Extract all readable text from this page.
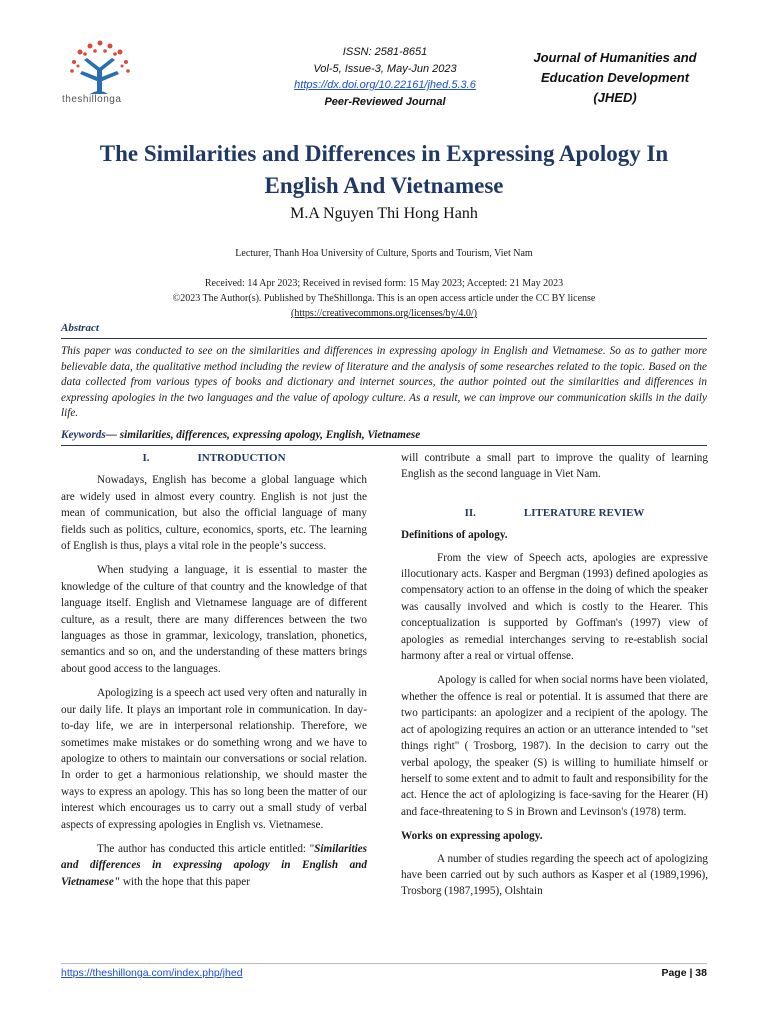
theshillonga
ISSN: 2581-8651
Vol-5, Issue-3, May-Jun 2023
https://dx.doi.org/10.22161/jhed.5.3.6
Peer-Reviewed Journal
Journal of Humanities and
Education Development
(JHED)
The Similarities and Differences in Expressing Apology In
English And Vietnamese
M.A Nguyen Thi Hong Hanh
Lecturer, Thanh Hoa University of Culture, Sports and Tourism, Viet Nam
Received: 14 Apr 2023; Received in revised form: 15 May 2023; Accepted: 21 May 2023
©2023 The Author(s). Published by TheShillonga. This is an open access article under the CC BY license
(https://creativecommons.org/licenses/by/4.0/)
Abstract
This paper was conducted to see on the similarities and differences in expressing apology in English and Vietnamese. So as to gather more believable data, the qualitative method including the review of literature and the analysis of some researches related to the topic. Based on the data collected from various types of books and dictionary and internet sources, the author pointed out the similarities and differences in expressing apologies in the two languages and the value of apology culture. As a result, we can improve our communication skills in the daily life.
Keywords— similarities, differences, expressing apology, English, Vietnamese
I.	INTRODUCTION

Nowadays, English has become a global language which are widely used in almost every country. English is not just the mean of communication, but also the official language of many fields such as politics, culture, economics, sports, etc. The learning of English is thus, plays a vital role in the people’s success.

When studying a language, it is essential to master the knowledge of the culture of that country and the knowledge of that language itself. English and Vietnamese language are of different culture, as a result, there are many differences between the two languages as those in grammar, lexicology, translation, phonetics, semantics and so on, and the understanding of these matters brings about good access to the languages.

Apologizing is a speech act used very often and naturally in our daily life. It plays an important role in communication. In day-to-day life, we are in interpersonal relationship. Therefore, we sometimes make mistakes or do something wrong and we have to apologize to others to maintain our conversations or social relation. In order to get a harmonious relationship, we should master the ways to express an apology. This has so long been the matter of our interest which encourages us to carry out a small study of verbal aspects of expressing apologies in English vs. Vietnamese.

The author has conducted this article entitled: "Similarities and differences in expressing apology in English and Vietnamese" with the hope that this paper

will contribute a small part to improve the quality of learning English as the second language in Viet Nam.

II.	LITERATURE REVIEW
Definitions of apology.

From the view of Speech acts, apologies are expressive illocutionary acts. Kasper and Bergman (1993) defined apologies as compensatory action to an offense in the doing of which the speaker was causally involved and which is costly to the Hearer. This conceptualization is supported by Goffman's (1997) view of apologies as remedial interchanges serving to re-establish social harmony after a real or virtual offense.

Apology is called for when social norms have been violated, whether the offence is real or potential. It is assumed that there are two participants: an apologizer and a recipient of the apology. The act of apologizing requires an action or an utterance intended to "set things right" ( Trosborg, 1987). In the decision to carry out the verbal apology, the speaker (S) is willing to humiliate himself or herself to some extent and to admit to fault and responsibility for the act. Hence the act of aplologizing is face-saving for the Hearer (H) and face-threatening to S in Brown and Levinson's (1978) term.

Works on expressing apology.

A number of studies regarding the speech act of apologizing have been carried out by such authors as Kasper et al (1989,1996), Trosborg (1987,1995), Olshtain

https://theshillonga.com/index.php/jhed	Page | 38
